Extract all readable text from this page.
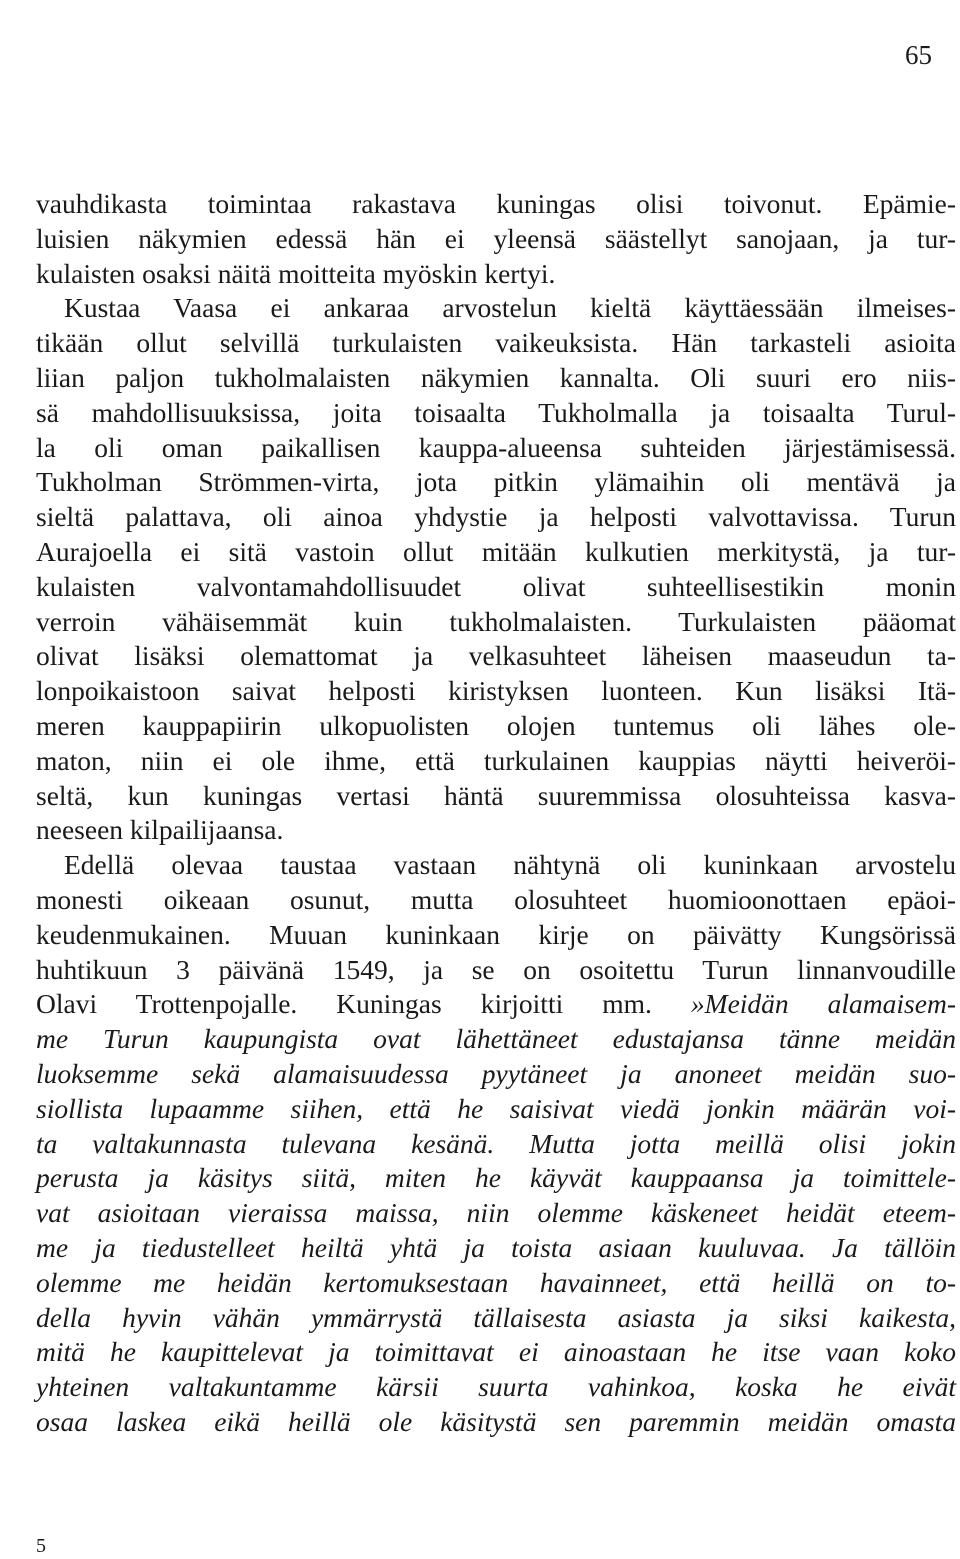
65
vauhdikasta toimintaa rakastava kuningas olisi toivonut. Epämie-
luisien näkymien edessä hän ei yleensä säästellyt sanojaan, ja tur-
kulaisten osaksi näitä moitteita myöskin kertyi.
Kustaa Vaasa ei ankaraa arvostelun kieltä käyttäessään ilmeises-
tikään ollut selvillä turkulaisten vaikeuksista. Hän tarkasteli asioita
liian paljon tukholmalaisten näkymien kannalta. Oli suuri ero niis-
sä mahdollisuuksissa, joita toisaalta Tukholmalla ja toisaalta Turul-
la oli oman paikallisen kauppa-alueensa suhteiden järjestämisessä.
Tukholman Strömmen-virta, jota pitkin ylämaihin oli mentävä ja
sieltä palattava, oli ainoa yhdystie ja helposti valvottavissa. Turun
Aurajoella ei sitä vastoin ollut mitään kulkutien merkitystä, ja tur-
kulaisten valvontamahdollisuudet olivat suhteellisestikin monin
verroin vähäisemmät kuin tukholmalaisten. Turkulaisten pääomat
olivat lisäksi olemattomat ja velkasuhteet läheisen maaseudun ta-
lonpoikaistoon saivat helposti kiristyksen luonteen. Kun lisäksi Itä-
meren kauppapiirin ulkopuolisten olojen tuntemus oli lähes ole-
maton, niin ei ole ihme, että turkulainen kauppias näytti heiveröi-
seltä, kun kuningas vertasi häntä suuremmissa olosuhteissa kasva-
neeseen kilpailijaansa.
Edellä olevaa taustaa vastaan nähtynä oli kuninkaan arvostelu
monesti oikeaan osunut, mutta olosuhteet huomioonottaen epäoi-
keudenmukainen. Muuan kuninkaan kirje on päivätty Kungsörissä
huhtikuun 3 päivänä 1549, ja se on osoitettu Turun linnanvoudille
Olavi Trottenpojalle. Kuningas kirjoitti mm. »Meidän alamaisem-
me Turun kaupungista ovat lähettäneet edustajansa tänne meidän
luoksemme sekä alamaisuudessa pyytäneet ja anoneet meidän suo-
siollista lupaamme siihen, että he saisivat viedä jonkin määrän voi-
ta valtakunnasta tulevana kesänä. Mutta jotta meillä olisi jokin
perusta ja käsitys siitä, miten he käyvät kauppaansa ja toimittele-
vat asioitaan vieraissa maissa, niin olemme käskeneet heidät eteem-
me ja tiedustelleet heiltä yhtä ja toista asiaan kuuluvaa. Ja tällöin
olemme me heidän kertomuksestaan havainneet, että heillä on to-
della hyvin vähän ymmärrystä tällaisesta asiasta ja siksi kaikesta,
mitä he kaupittelevat ja toimittavat ei ainoastaan he itse vaan koko
yhteinen valtakuntamme kärsii suurta vahinkoa, koska he eivät
osaa laskea eikä heillä ole käsitystä sen paremmin meidän omasta
5
